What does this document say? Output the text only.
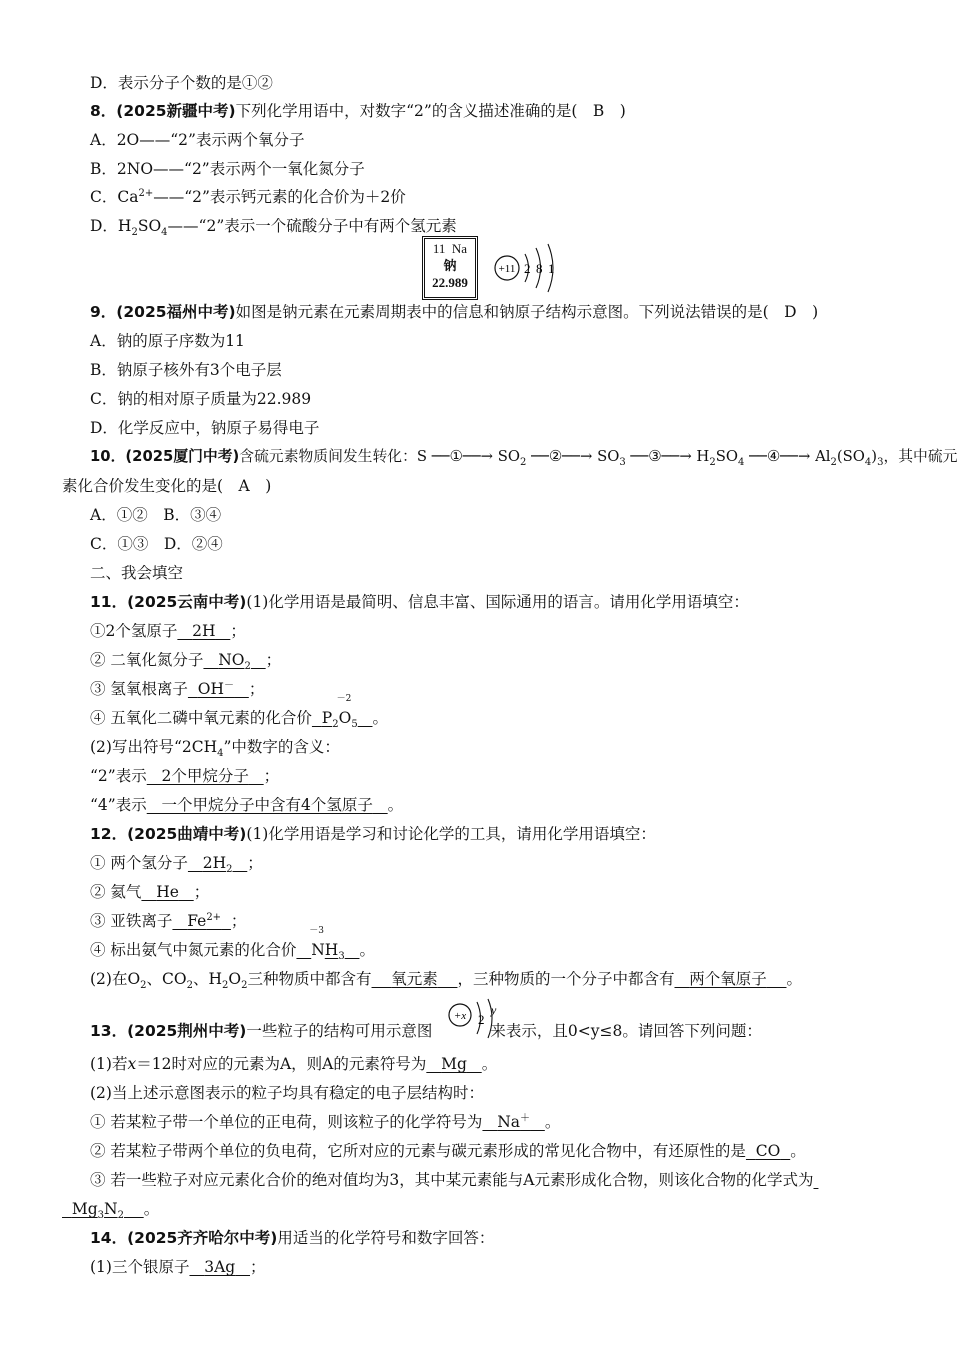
D．表示分子个数的是①②
8．(2025新疆中考)下列化学用语中，对数字“2”的含义描述准确的是(　B　)
A．2O——“2”表示两个氧分子
B．2NO——“2”表示两个一氧化氮分子
C．$Ca^{2+}——“2$”表示钙元素的化合价为＋2价
D．$H_2SO_4——“2$”表示一个硫酸分子中有两个氢元素
11 Na
钠
22.989
+11 2 8 1
9．(2025福州中考)如图是钠元素在元素周期表中的信息和钠原子结构示意图。下列说法错误的是(　D　)
A．钠的原子序数为11
B．钠原子核外有3个电子层
C．钠的相对原子质量为22.989
D．化学反应中，钠原子易得电子
10．(2025厦门中考)含硫元素物质间发生转化：S ──①──→ $SO_2$ ──②──→ $SO_3$ ──③──→ $H_2SO_4$ ──④──→ $Al_2(SO_4)_3$，其中硫元
素化合价发生变化的是(　A　)
A．①②　B．③④
C．①③　D．②④
二、我会填空
11．(2025云南中考)(1)化学用语是最简明、信息丰富、国际通用的语言。请用化学用语填空：
①2个氢原子 2H ；
② 二氧化氮分子 $NO_2$ ；
③ 氢氧根离子 OH－ ；
④ 五氧化二磷中氧元素的化合价 $P_2$
－2
$O_5$ 。
(2)写出符号“$2CH_4$”中数字的含义：
“2”表示 2个甲烷分子 ；
“4”表示 一个甲烷分子中含有4个氢原子 。
12．(2025曲靖中考)(1)化学用语是学习和讨论化学的工具，请用化学用语填空：
① 两个氢分子 $2H_2$ ；
② 氦气 He ；
③ 亚铁离子 $Fe^{2+}$ ；
④ 标出氨气中氮元素的化合价
－3
$NH_3$ 。
(2)在$O_2$、$CO_2$、$H_2O_2$三种物质中都含有 氧元素 ，三种物质的一个分子中都含有 两个氧原子 。
+x 2
y
13．(2025荆州中考)一些粒子的结构可用示意图	来表示，且0<y≤8。请回答下列问题：
(1)若x＝12时对应的元素为A，则A的元素符号为 Mg 。
(2)当上述示意图表示的粒子均具有稳定的电子层结构时：
① 若某粒子带一个单位的正电荷，则该粒子的化学符号为 Na＋ 。
② 若某粒子带两个单位的负电荷，它所对应的元素与碳元素形成的常见化合物中，有还原性的是 CO 。
③ 若一些粒子对应元素化合价的绝对值均为3，其中某元素能与A元素形成化合物，则该化合物的化学式为
$Mg_3N_2$ 。
14．(2025齐齐哈尔中考)用适当的化学符号和数字回答：
(1)三个银原子 3Ag ；
